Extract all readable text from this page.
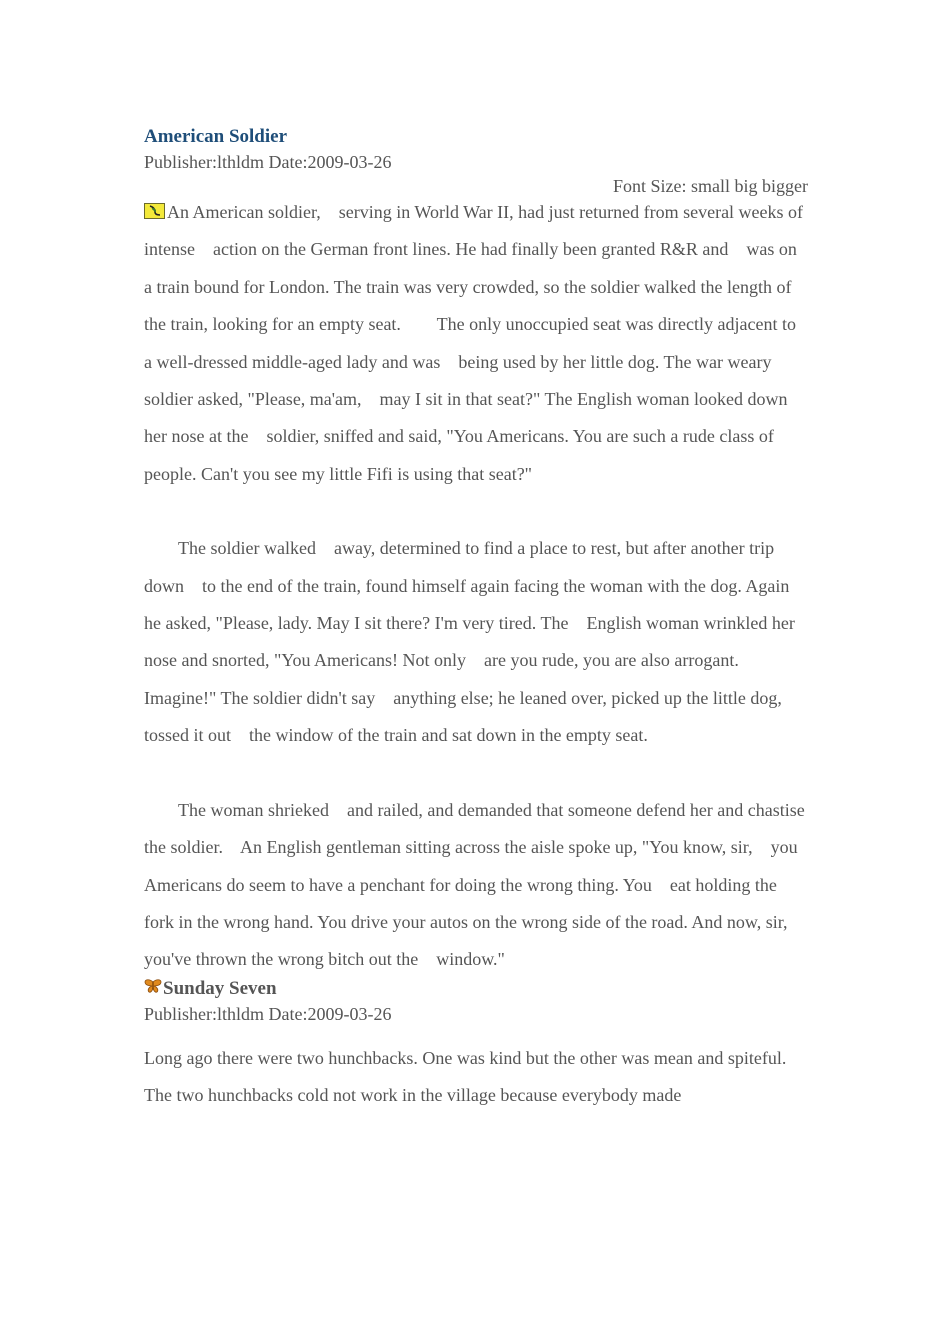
American Soldier

Publisher:lthldm Date:2009-03-26

Font Size: small big bigger

An American soldier,    serving in World War II, had just returned from several weeks of intense    action on the German front lines. He had finally been granted R&R and    was on a train bound for London. The train was very crowded, so the soldier walked the length of the train, looking for an empty seat.        The only unoccupied seat was directly adjacent to a well-dressed middle-aged lady and was    being used by her little dog. The war weary soldier asked, "Please, ma'am,    may I sit in that seat?" The English woman looked down her nose at the    soldier, sniffed and said, "You Americans. You are such a rude class of    people. Can't you see my little Fifi is using that seat?"

The soldier walked    away, determined to find a place to rest, but after another trip down    to the end of the train, found himself again facing the woman with the dog. Again he asked, "Please, lady. May I sit there? I'm very tired. The    English woman wrinkled her nose and snorted, "You Americans! Not only    are you rude, you are also arrogant. Imagine!" The soldier didn't say    anything else; he leaned over, picked up the little dog, tossed it out    the window of the train and sat down in the empty seat.

The woman shrieked    and railed, and demanded that someone defend her and chastise the soldier.    An English gentleman sitting across the aisle spoke up, "You know, sir,    you Americans do seem to have a penchant for doing the wrong thing. You    eat holding the fork in the wrong hand. You drive your autos on the wrong side of the road. And now, sir, you've thrown the wrong bitch out the    window."

Sunday Seven

Publisher:lthldm Date:2009-03-26

Long ago there were two hunchbacks. One was kind but the other was mean and spiteful. The two hunchbacks cold not work in the village because everybody made
